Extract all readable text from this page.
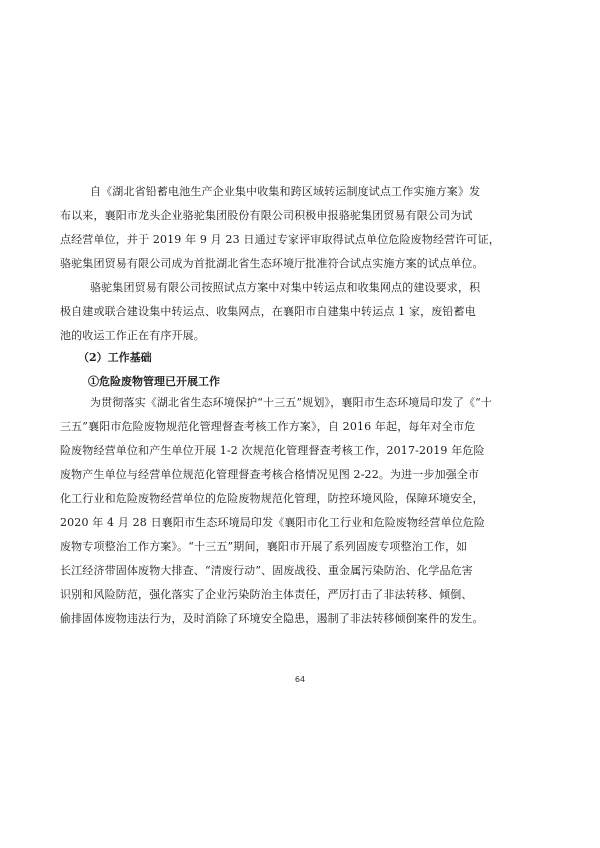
自《湖北省铅蓄电池生产企业集中收集和跨区域转运制度试点工作实施方案》发
布以来，襄阳市龙头企业骆驼集团股份有限公司积极申报骆驼集团贸易有限公司为试
点经营单位，并于 2019 年 9 月 23 日通过专家评审取得试点单位危险废物经营许可证，
骆驼集团贸易有限公司成为首批湖北省生态环境厅批准符合试点实施方案的试点单位。
骆驼集团贸易有限公司按照试点方案中对集中转运点和收集网点的建设要求，积
极自建或联合建设集中转运点、收集网点，在襄阳市自建集中转运点 1 家，废铅蓄电
池的收运工作正在有序开展。
（2）工作基础
①危险废物管理已开展工作
为贯彻落实《湖北省生态环境保护“十三五”规划》，襄阳市生态环境局印发了《“十
三五”襄阳市危险废物规范化管理督查考核工作方案》，自 2016 年起，每年对全市危
险废物经营单位和产生单位开展 1-2 次规范化管理督查考核工作，2017-2019 年危险
废物产生单位与经营单位规范化管理督查考核合格情况见图 2-22。为进一步加强全市
化工行业和危险废物经营单位的危险废物规范化管理，防控环境风险，保障环境安全，
2020 年 4 月 28 日襄阳市生态环境局印发《襄阳市化工行业和危险废物经营单位危险
废物专项整治工作方案》。“十三五”期间，襄阳市开展了系列固废专项整治工作，如
长江经济带固体废物大排查、“清废行动”、固废战役、重金属污染防治、化学品危害
识别和风险防范，强化落实了企业污染防治主体责任，严厉打击了非法转移、倾倒、
偷排固体废物违法行为，及时消除了环境安全隐患，遏制了非法转移倾倒案件的发生。
64
